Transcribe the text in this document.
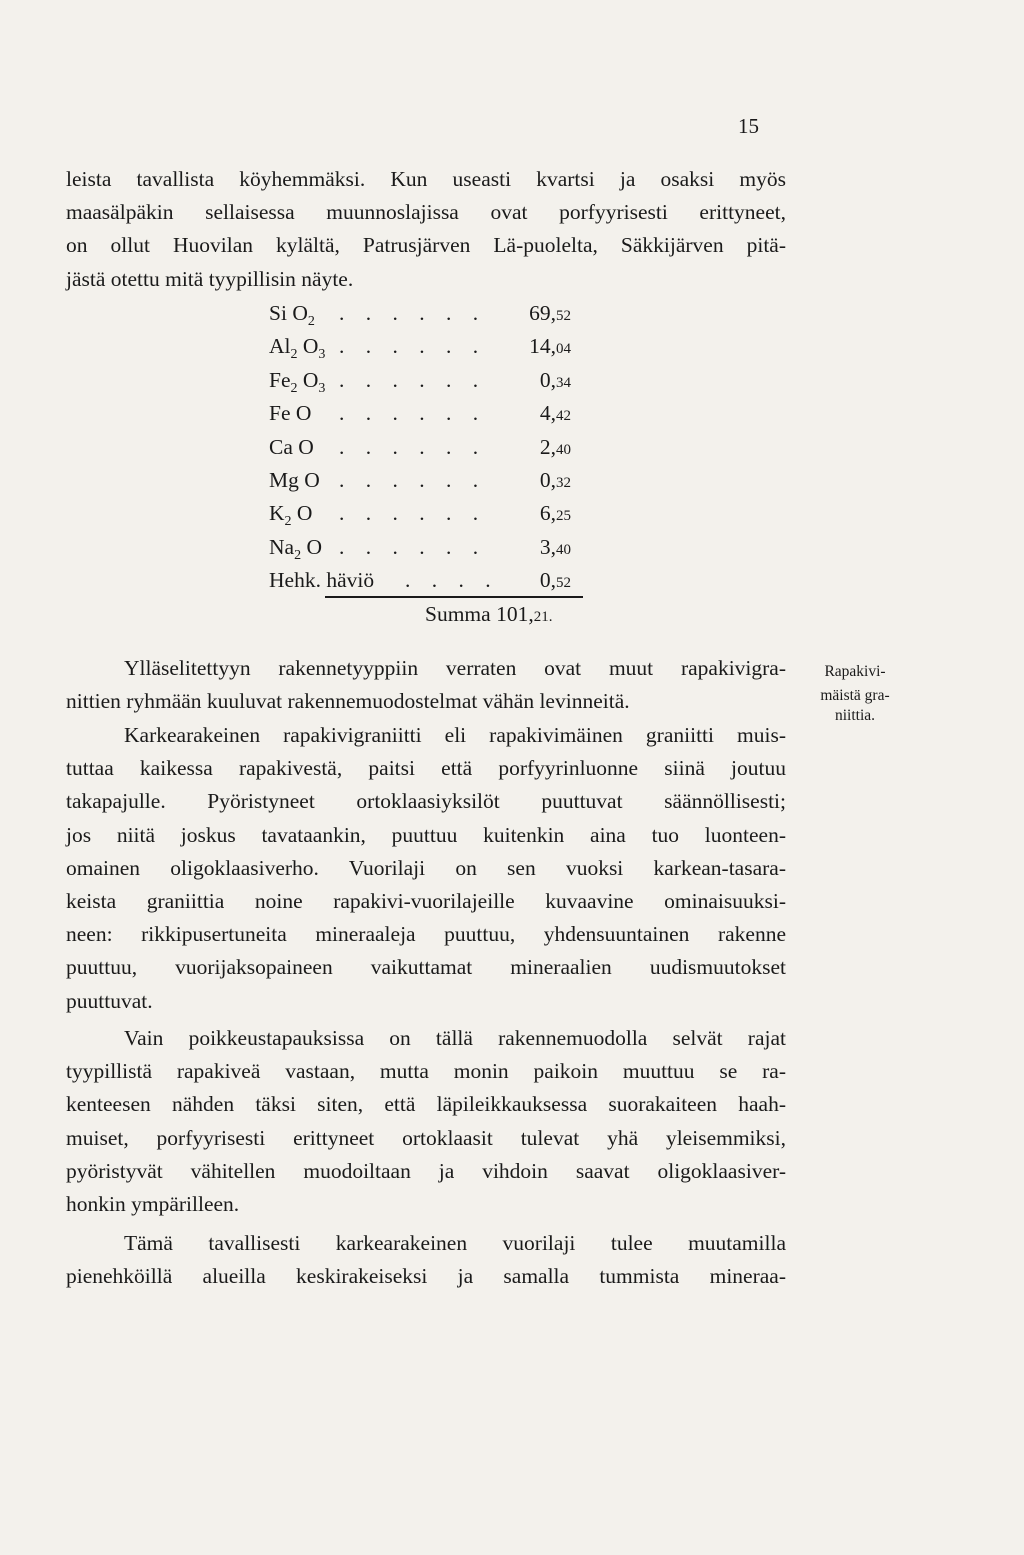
15
leista tavallista köyhemmäksi. Kun useasti kvartsi ja osaksi myös
maasälpäkin sellaisessa muunnoslajissa ovat porfyyrisesti erittyneet,
on ollut Huovilan kylältä, Patrusjärven Lä-puolelta, Säkkijärven pitä-
jästä otettu mitä tyypillisin näyte.
Si $O_2$ . . . . . . 69,52
$Al_2$ $O_3$ . . . . . . 14,04
$Fe_2$ $O_3$ . . . . . .	0,34
Fe O . . . . . .	4,42
Ca O . . . . . .	2,40
Mg O . . . . . .	0,32
$K_2$ O . . . . . .	6,25
$Na_2$ O . . . . . .	3,40
Hehk. häviö . . . . 0,52
Summa 101,21.
Ylläselitettyyn rakennetyyppiin verraten ovat muut rapakivigra-
nittien ryhmään kuuluvat rakennemuodostelmat vähän levinneitä.
Rapakivi-
mäistä gra-
niittia.
Karkearakeinen rapakivigraniitti eli rapakivimäinen graniitti muis-
tuttaa kaikessa rapakivestä, paitsi että porfyyrinluonne siinä joutuu
takapajulle. Pyöristyneet ortoklaasiyksilöt puuttuvat säännöllisesti;
jos niitä joskus tavataankin, puuttuu kuitenkin aina tuo luonteen-
omainen oligoklaasiverho. Vuorilaji on sen vuoksi karkean-tasara-
keista graniittia noine rapakivi-vuorilajeille kuvaavine ominaisuuksi-
neen: rikkipusertuneita mineraaleja puuttuu, yhdensuuntainen rakenne
puuttuu, vuorijaksopaineen vaikuttamat mineraalien uudismuutokset
puuttuvat.
Vain poikkeustapauksissa on tällä rakennemuodolla selvät rajat
tyypillistä rapakiveä vastaan, mutta monin paikoin muuttuu se ra-
kenteesen nähden täksi siten, että läpileikkauksessa suorakaiteen haah-
muiset, porfyyrisesti erittyneet ortoklaasit tulevat yhä yleisemmiksi,
pyöristyvät vähitellen muodoiltaan ja vihdoin saavat oligoklaasiver-
honkin ympärilleen.
Tämä tavallisesti karkearakeinen vuorilaji tulee muutamilla
pienehköillä alueilla keskirakeiseksi ja samalla tummista mineraa-
